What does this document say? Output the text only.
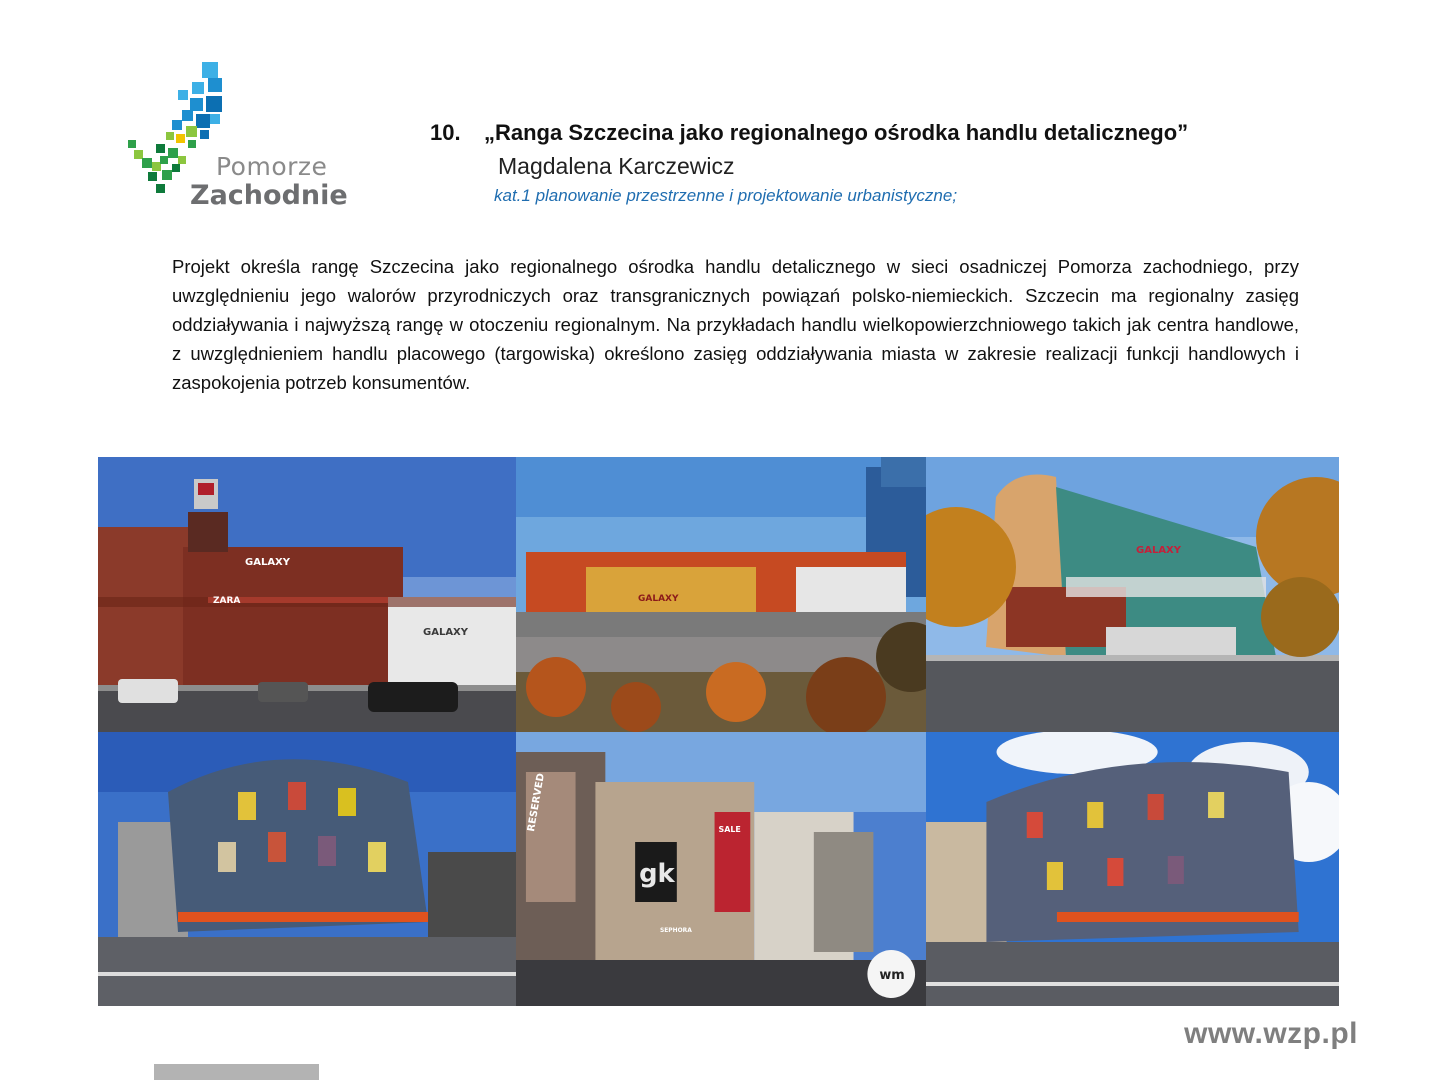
Pomorze
Zachodnie
10. „Ranga Szczecina jako regionalnego ośrodka handlu detalicznego”
Magdalena Karczewicz
kat.1 planowanie przestrzenne i projektowanie urbanistyczne;

Projekt określa rangę Szczecina jako regionalnego ośrodka handlu detalicznego w sieci osadniczej Pomorza zachodniego, przy uwzględnieniu jego walorów przyrodniczych oraz transgranicznych powiązań polsko-niemieckich. Szczecin ma regionalny zasięg oddziaływania i najwyższą rangę w otoczeniu regionalnym. Na przykładach handlu wielkopowierzchniowego takich jak centra handlowe, z uwzględnieniem handlu placowego (targowiska) określono zasięg oddziaływania miasta w zakresie realizacji funkcji handlowych i zaspokojenia potrzeb konsumentów.

GALAXY
ZARA
GALAXY
GALAXY
GALAXY
RESERVED
gk
SEPHORA
SALE
wm
www.wzp.pl
